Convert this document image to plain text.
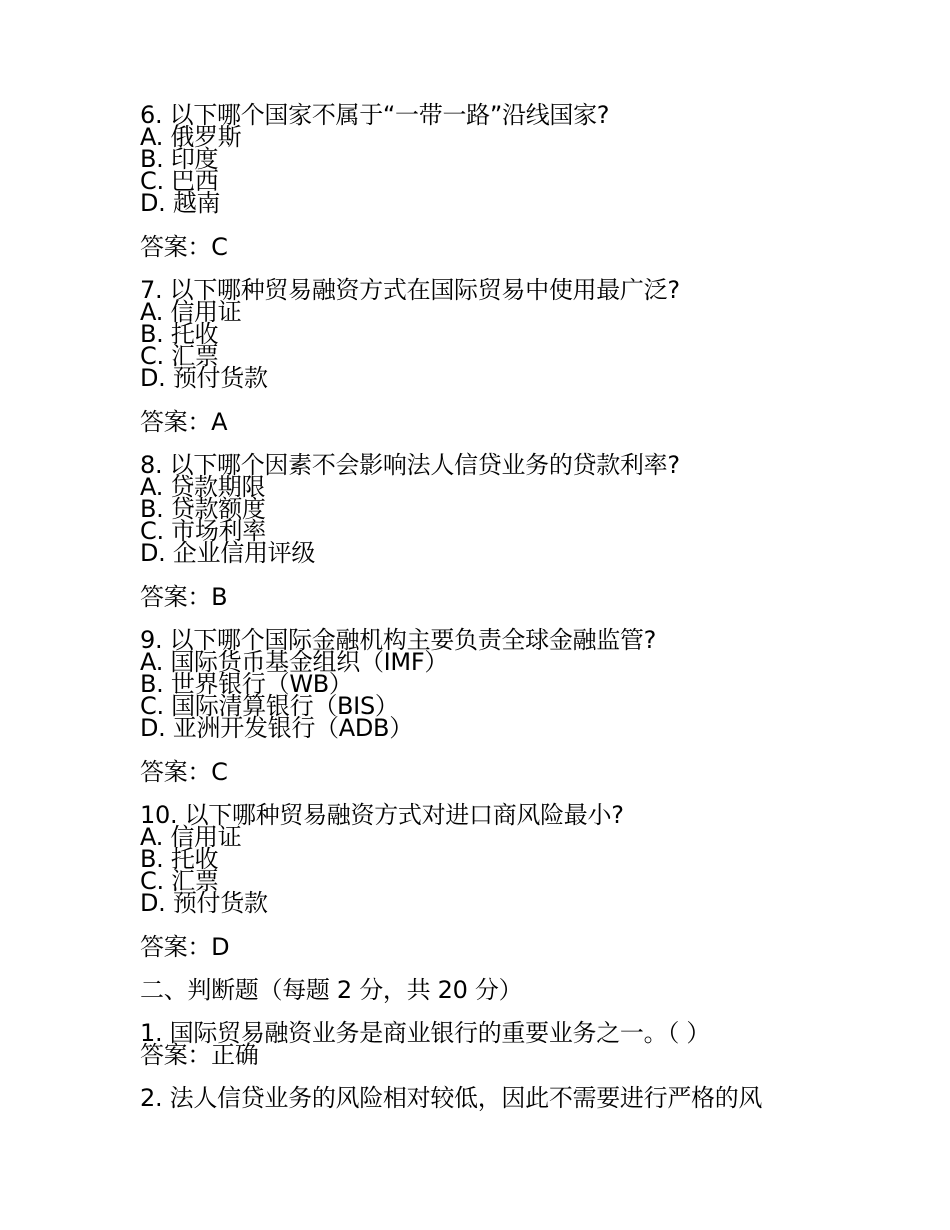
6. 以下哪个国家不属于“一带一路”沿线国家?
A. 俄罗斯
B. 印度
C. 巴西
D. 越南
答案：C
7. 以下哪种贸易融资方式在国际贸易中使用最广泛?
A. 信用证
B. 托收
C. 汇票
D. 预付货款
答案：A
8. 以下哪个因素不会影响法人信贷业务的贷款利率?
A. 贷款期限
B. 贷款额度
C. 市场利率
D. 企业信用评级
答案：B
9. 以下哪个国际金融机构主要负责全球金融监管?
A. 国际货币基金组织（IMF）
B. 世界银行（WB）
C. 国际清算银行（BIS）
D. 亚洲开发银行（ADB）
答案：C
10. 以下哪种贸易融资方式对进口商风险最小?
A. 信用证
B. 托收
C. 汇票
D. 预付货款
答案：D
二、判断题（每题 2 分，共 20 分）
1. 国际贸易融资业务是商业银行的重要业务之一。（ ）
答案：正确
2. 法人信贷业务的风险相对较低，因此不需要进行严格的风
